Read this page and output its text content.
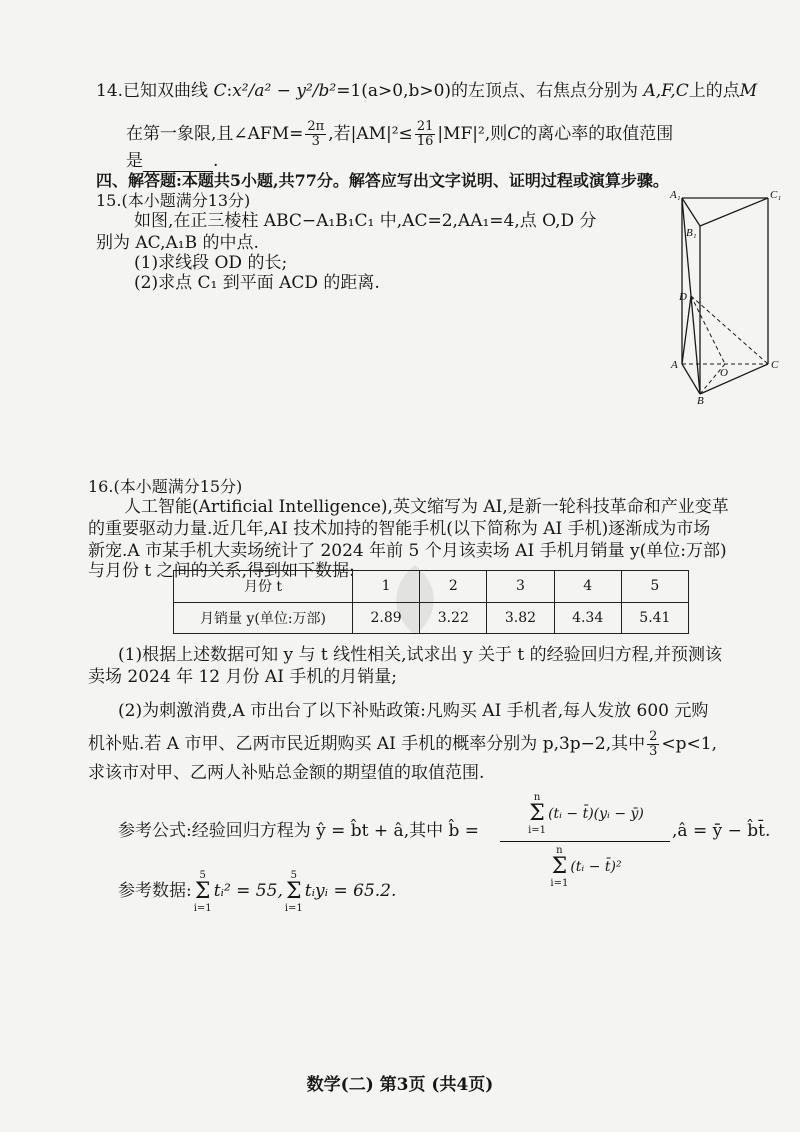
14.已知双曲线 C:x²/a² − y²/b²=1(a>0,b>0)的左顶点、右焦点分别为 A,F,C上的点M
在第一象限,且∠AFM= $\frac{2\pi}{3}$ ,若$|AM|^2\le \frac{21}{16} |MF|^2$,则C的离心率的取值范围
是	.
四、解答题:本题共5小题,共77分。解答应写出文字说明、证明过程或演算步骤。
15.(本小题满分13分)
如图,在正三棱柱 ABC−A₁B₁C₁ 中,AC=2,AA₁=4,点 O,D 分
别为 AC,A₁B 的中点.
(1)求线段 OD 的长;
(2)求点 C₁ 到平面 ACD 的距离.
A₁	C₁
B₁
D
A
O
C
B
16.(本小题满分15分)
人工智能(Artificial Intelligence),英文缩写为 AI,是新一轮科技革命和产业变革
的重要驱动力量.近几年,AI 技术加持的智能手机(以下简称为 AI 手机)逐渐成为市场
新宠.A 市某手机大卖场统计了 2024 年前 5 个月该卖场 AI 手机月销量 y(单位:万部)
与月份 t 之间的关系,得到如下数据:
月份 t	1	2	3	4	5
月销量 y(单位:万部)	2.89	3.22	3.82	4.34	5.41
(1)根据上述数据可知 y 与 t 线性相关,试求出 y 关于 t 的经验回归方程,并预测该
卖场 2024 年 12 月份 AI 手机的月销量;
(2)为刺激消费,A 市出台了以下补贴政策:凡购买 AI 手机者,每人发放 600 元购
机补贴.若 A 市甲、乙两市民近期购买 AI 手机的概率分别为 p,3p−2,其中 $\frac{2}{3} <p<1$,
求该市对甲、乙两人补贴总金额的期望值的取值范围.
参考公式:经验回归方程为 ŷ = b̂t + â,其中 b̂ =
n
Σ
i=1(tᵢ − t̄)(yᵢ − ȳ)
n
Σ
i=1(tᵢ − t̄)²
,â = ȳ − b̂t̄.
参考数据:5
Σ
i=1tᵢ² = 55,5
Σ
i=1tᵢyᵢ = 65.2.
数学(二) 第3页 (共4页)
